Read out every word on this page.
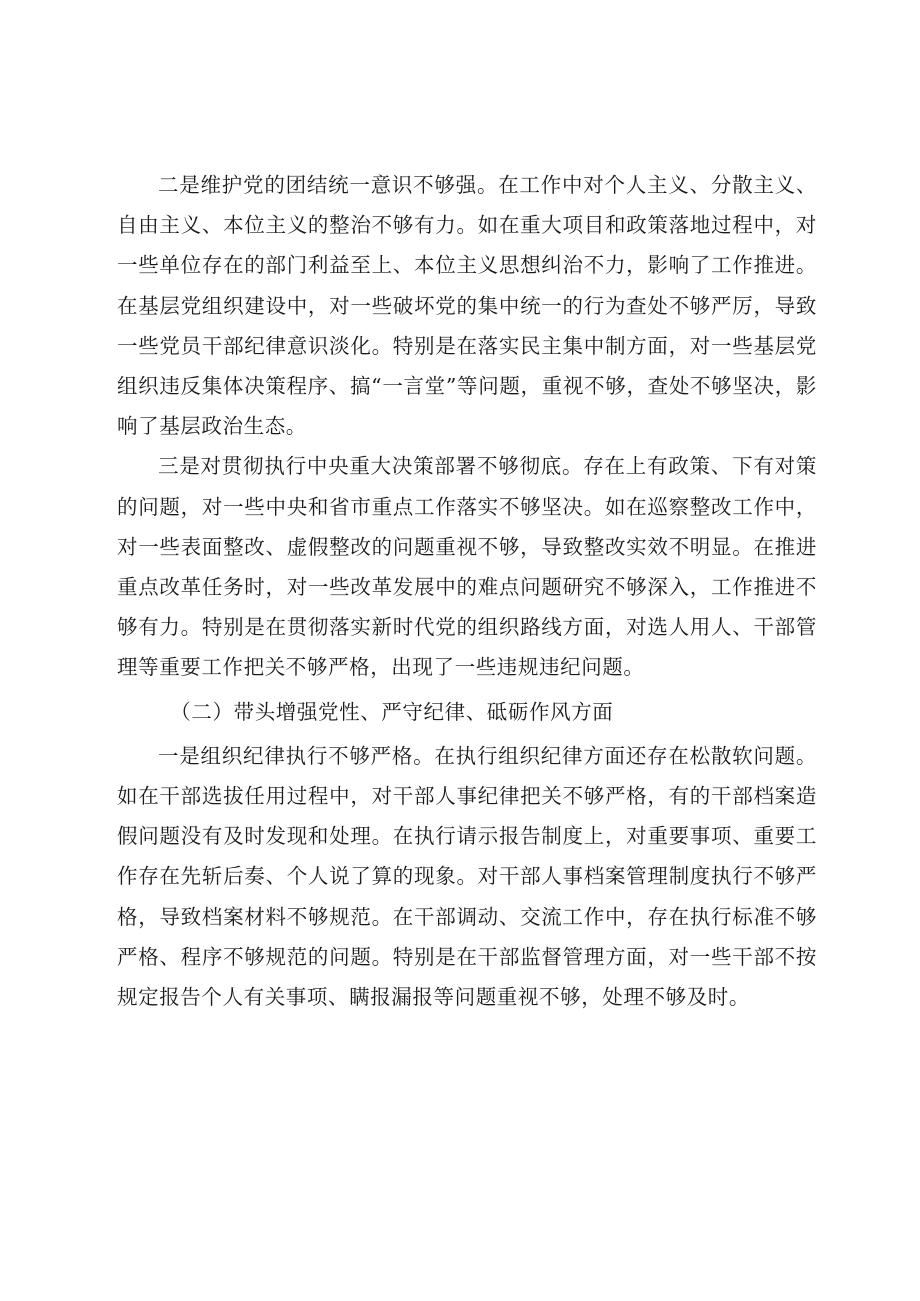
二是维护党的团结统一意识不够强。在工作中对个人主义、分散主义、自由主义、本位主义的整治不够有力。如在重大项目和政策落地过程中，对一些单位存在的部门利益至上、本位主义思想纠治不力，影响了工作推进。在基层党组织建设中，对一些破坏党的集中统一的行为查处不够严厉，导致一些党员干部纪律意识淡化。特别是在落实民主集中制方面，对一些基层党组织违反集体决策程序、搞“一言堂”等问题，重视不够，查处不够坚决，影响了基层政治生态。

三是对贯彻执行中央重大决策部署不够彻底。存在上有政策、下有对策的问题，对一些中央和省市重点工作落实不够坚决。如在巡察整改工作中，对一些表面整改、虚假整改的问题重视不够，导致整改实效不明显。在推进重点改革任务时，对一些改革发展中的难点问题研究不够深入，工作推进不够有力。特别是在贯彻落实新时代党的组织路线方面，对选人用人、干部管理等重要工作把关不够严格，出现了一些违规违纪问题。

（二）带头增强党性、严守纪律、砥砺作风方面

一是组织纪律执行不够严格。在执行组织纪律方面还存在松散软问题。如在干部选拔任用过程中，对干部人事纪律把关不够严格，有的干部档案造假问题没有及时发现和处理。在执行请示报告制度上，对重要事项、重要工作存在先斩后奏、个人说了算的现象。对干部人事档案管理制度执行不够严格，导致档案材料不够规范。在干部调动、交流工作中，存在执行标准不够严格、程序不够规范的问题。特别是在干部监督管理方面，对一些干部不按规定报告个人有关事项、瞒报漏报等问题重视不够，处理不够及时。
